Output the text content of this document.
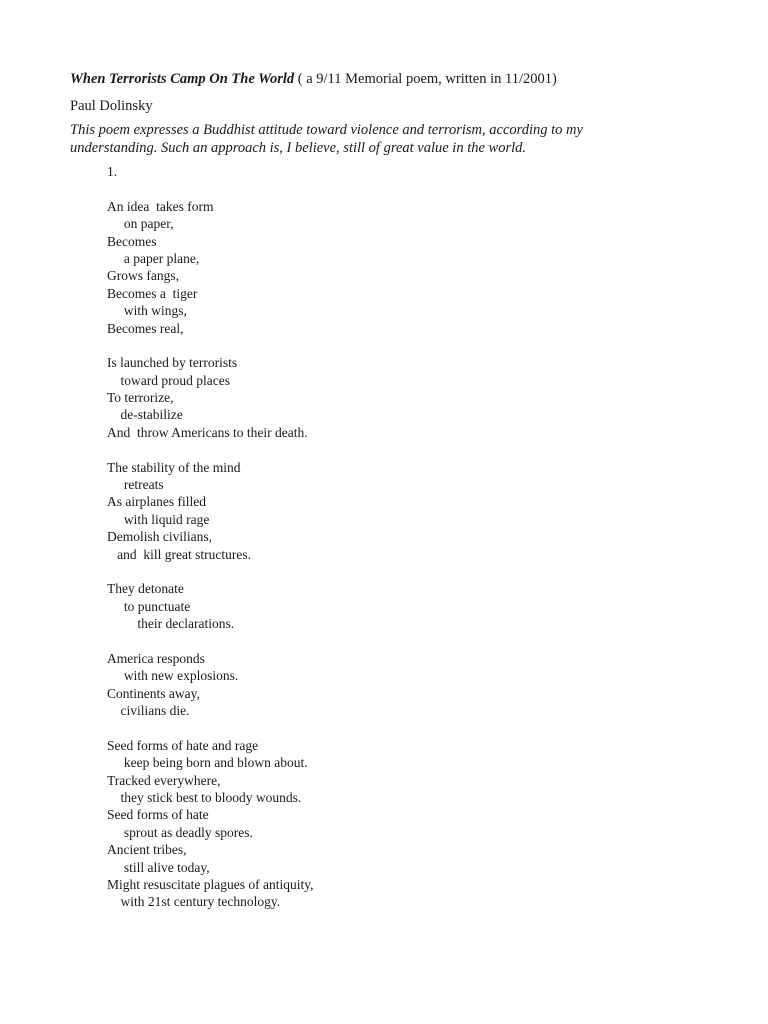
When Terrorists Camp On The World ( a 9/11 Memorial poem, written in 11/2001)
Paul Dolinsky
This poem expresses a Buddhist attitude toward violence and terrorism, according to my understanding. Such an approach is, I believe, still of great value in the world.
1.
An idea  takes form
on paper,
Becomes
a paper plane,
Grows fangs,
Becomes a  tiger
with wings,
Becomes real,
Is launched by terrorists
toward proud places
To terrorize,
de-stabilize
And  throw Americans to their death.
The stability of the mind
retreats
As airplanes filled
with liquid rage
Demolish civilians,
and  kill great structures.
They detonate
to punctuate
their declarations.
America responds
with new explosions.
Continents away,
civilians die.
Seed forms of hate and rage
keep being born and blown about.
Tracked everywhere,
they stick best to bloody wounds.
Seed forms of hate
sprout as deadly spores.
Ancient tribes,
still alive today,
Might resuscitate plagues of antiquity,
with 21st century technology.
